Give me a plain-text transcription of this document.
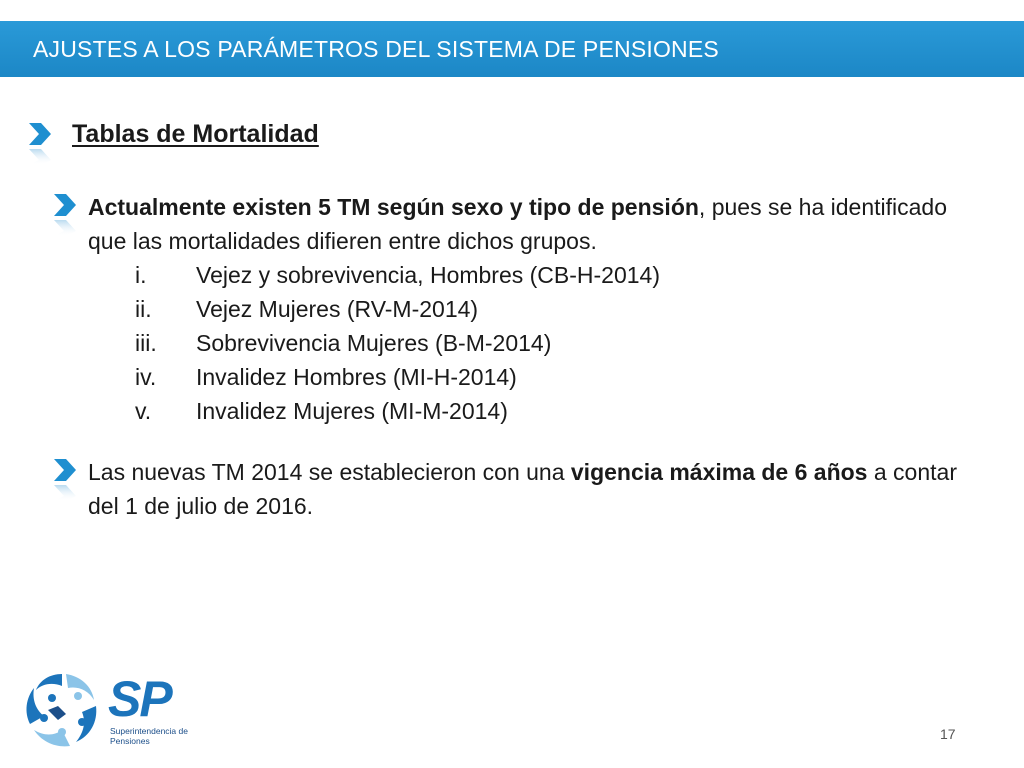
AJUSTES A LOS PARÁMETROS DEL SISTEMA DE PENSIONES
Tablas de Mortalidad

Actualmente existen 5 TM según sexo y tipo de pensión, pues se ha identificado que las mortalidades difieren entre dichos grupos.

i. Vejez y sobrevivencia, Hombres (CB-H-2014)
ii. Vejez Mujeres (RV-M-2014)
iii. Sobrevivencia Mujeres (B-M-2014)
iv. Invalidez Hombres (MI-H-2014)
v. Invalidez Mujeres (MI-M-2014)

Las nuevas TM 2014 se establecieron con una vigencia máxima de 6 años a contar del 1 de julio de 2016.

SP

Superintendencia de Pensiones	17
